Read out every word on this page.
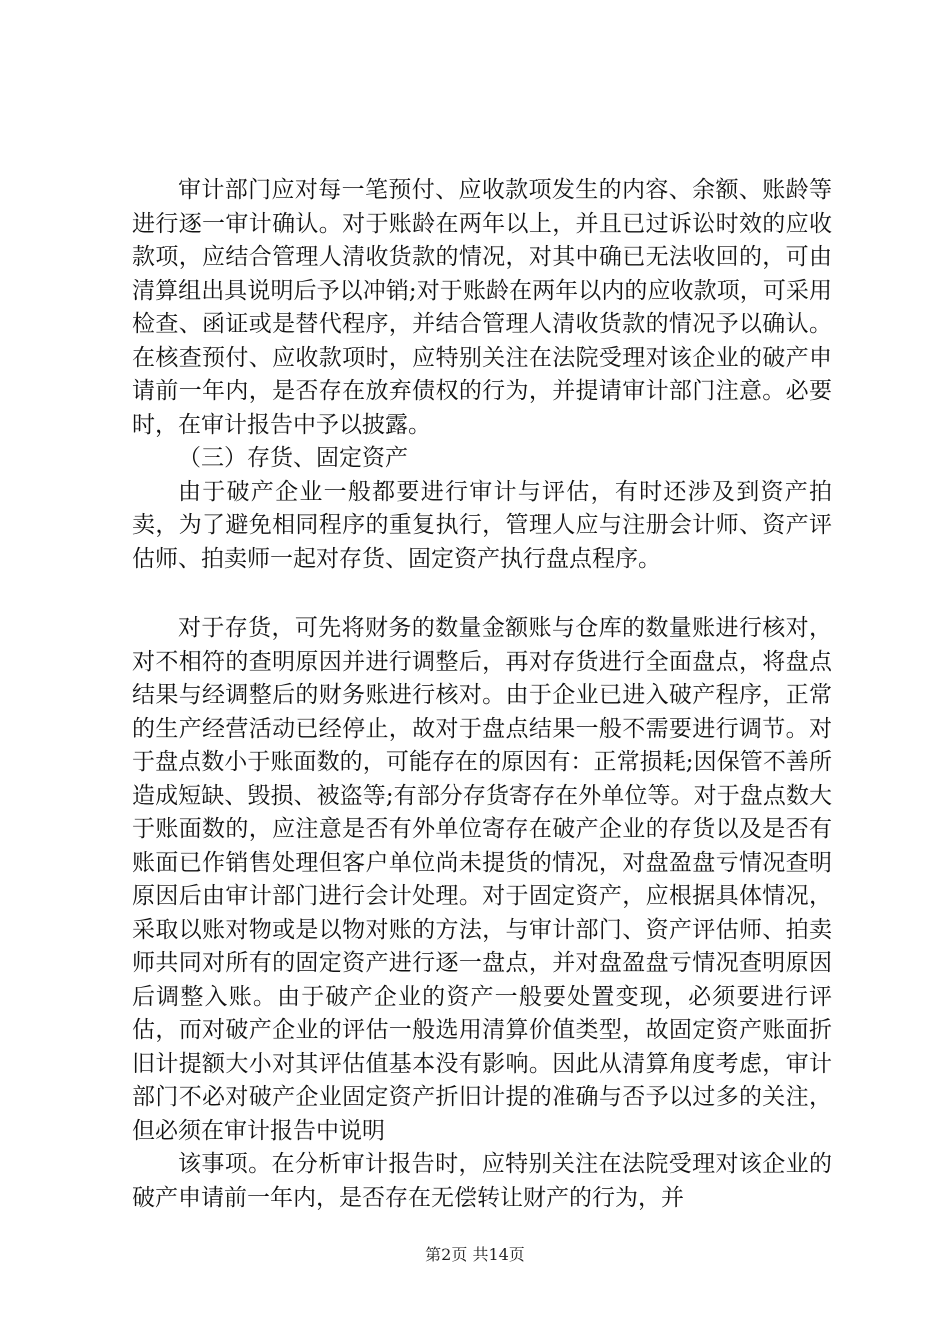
审计部门应对每一笔预付、应收款项发生的内容、余额、账龄等进行逐一审计确认。对于账龄在两年以上，并且已过诉讼时效的应收款项，应结合管理人清收货款的情况，对其中确已无法收回的，可由清算组出具说明后予以冲销;对于账龄在两年以内的应收款项，可采用检查、函证或是替代程序，并结合管理人清收货款的情况予以确认。在核查预付、应收款项时，应特别关注在法院受理对该企业的破产申请前一年内，是否存在放弃债权的行为，并提请审计部门注意。必要时，在审计报告中予以披露。

（三）存货、固定资产

由于破产企业一般都要进行审计与评估，有时还涉及到资产拍卖，为了避免相同程序的重复执行，管理人应与注册会计师、资产评估师、拍卖师一起对存货、固定资产执行盘点程序。

对于存货，可先将财务的数量金额账与仓库的数量账进行核对，对不相符的查明原因并进行调整后，再对存货进行全面盘点，将盘点结果与经调整后的财务账进行核对。由于企业已进入破产程序，正常的生产经营活动已经停止，故对于盘点结果一般不需要进行调节。对于盘点数小于账面数的，可能存在的原因有：正常损耗;因保管不善所造成短缺、毁损、被盗等;有部分存货寄存在外单位等。对于盘点数大于账面数的，应注意是否有外单位寄存在破产企业的存货以及是否有账面已作销售处理但客户单位尚未提货的情况，对盘盈盘亏情况查明原因后由审计部门进行会计处理。对于固定资产，应根据具体情况，采取以账对物或是以物对账的方法，与审计部门、资产评估师、拍卖师共同对所有的固定资产进行逐一盘点，并对盘盈盘亏情况查明原因后调整入账。由于破产企业的资产一般要处置变现，必须要进行评估，而对破产企业的评估一般选用清算价值类型，故固定资产账面折旧计提额大小对其评估值基本没有影响。因此从清算角度考虑，审计部门不必对破产企业固定资产折旧计提的准确与否予以过多的关注，但必须在审计报告中说明

该事项。在分析审计报告时，应特别关注在法院受理对该企业的破产申请前一年内，是否存在无偿转让财产的行为，并

第2页 共14页
